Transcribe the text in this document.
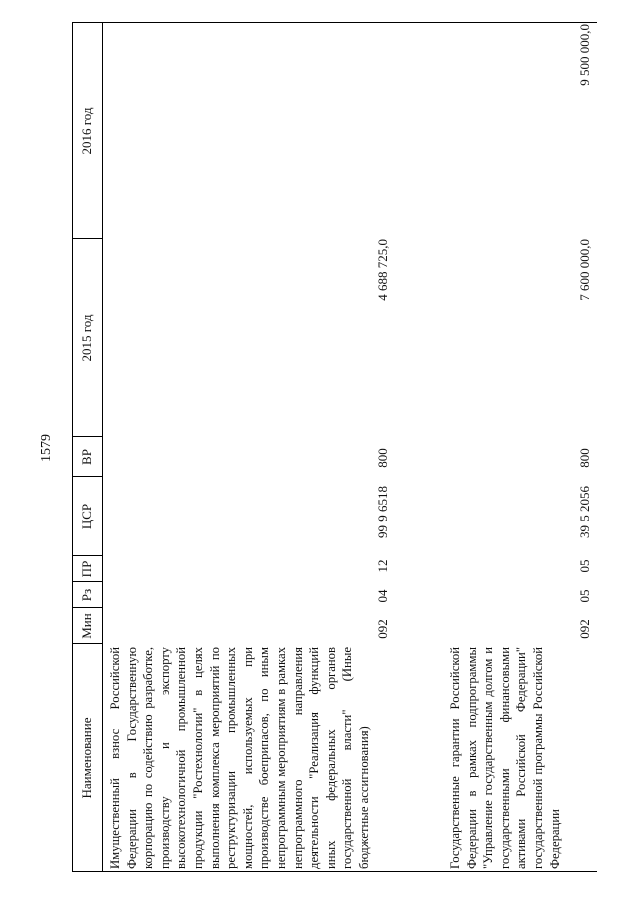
1579
Наименование
Мин
Рз
ПР
ЦСР
ВР
2015 год
2016 год
Имущественный взнос Российской Федерации в Государственную корпорацию по содействию разработке, производству и экспорту высокотехнологичной промышленной продукции "Ростехнологии" в целях выполнения комплекса мероприятий по реструктуризации промышленных мощностей, используемых при производстве боеприпасов, по иным непрограммным мероприятиям в рамках непрограммного направления деятельности "Реализация функций иных федеральных органов государственной власти" (Иные бюджетные ассигнования)
092
04
12
99 9 6518
800
4 688 725,0
Государственные гарантии Российской Федерации в рамках подпрограммы "Управление государственным долгом и государственными финансовыми активами Российской Федерации" государственной программы Российской Федерации
092
05
05
39 5 2056
800
7 600 000,0
9 500 000,0
